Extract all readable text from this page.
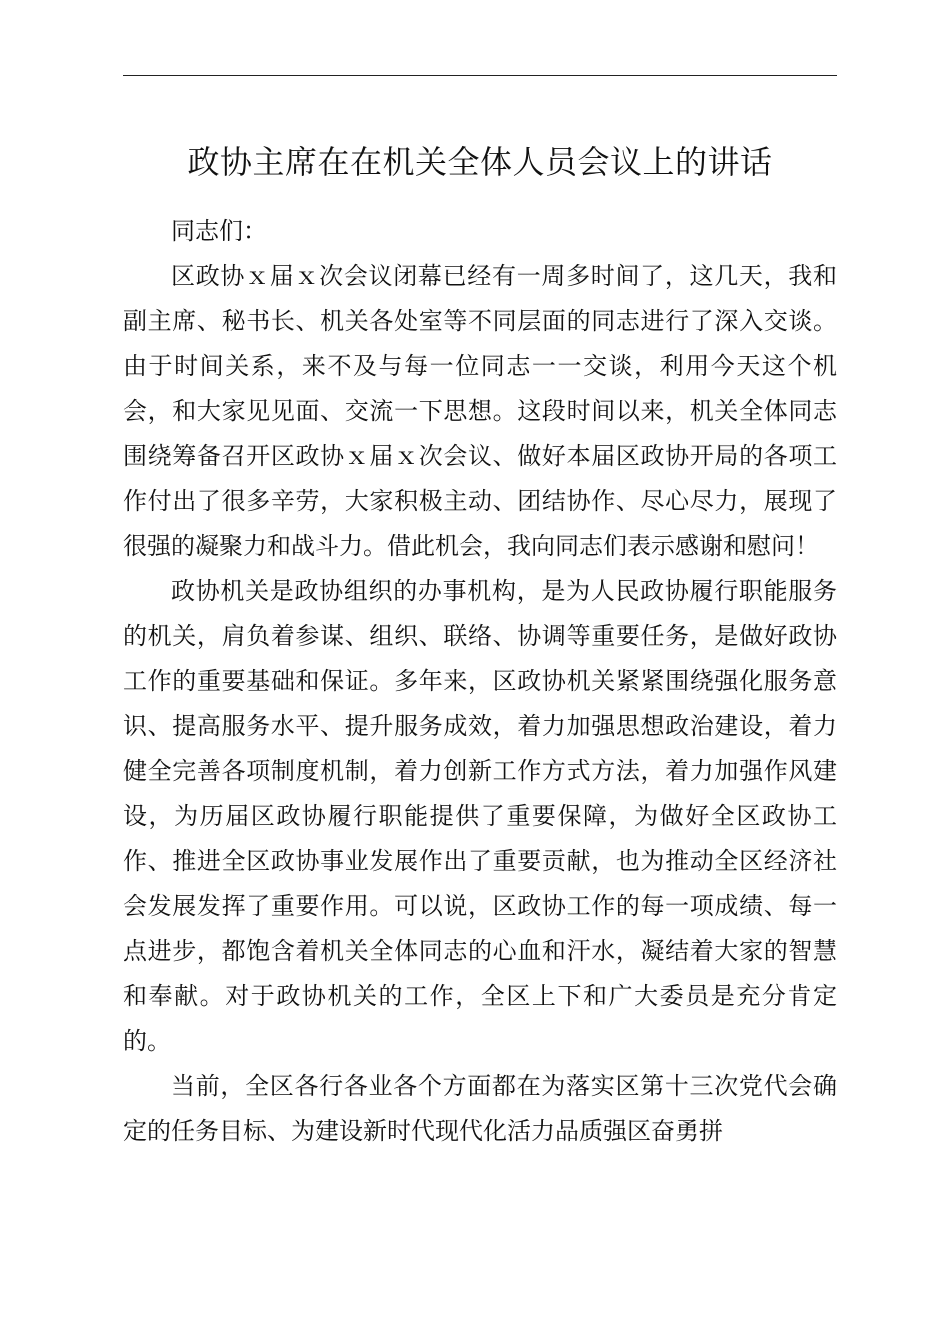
政协主席在在机关全体人员会议上的讲话

同志们：

区政协ｘ届ｘ次会议闭幕已经有一周多时间了，这几天，我和副主席、秘书长、机关各处室等不同层面的同志进行了深入交谈。由于时间关系，来不及与每一位同志一一交谈，利用今天这个机会，和大家见见面、交流一下思想。这段时间以来，机关全体同志围绕筹备召开区政协ｘ届ｘ次会议、做好本届区政协开局的各项工作付出了很多辛劳，大家积极主动、团结协作、尽心尽力，展现了很强的凝聚力和战斗力。借此机会，我向同志们表示感谢和慰问！

政协机关是政协组织的办事机构，是为人民政协履行职能服务的机关，肩负着参谋、组织、联络、协调等重要任务，是做好政协工作的重要基础和保证。多年来，区政协机关紧紧围绕强化服务意识、提高服务水平、提升服务成效，着力加强思想政治建设，着力健全完善各项制度机制，着力创新工作方式方法，着力加强作风建设，为历届区政协履行职能提供了重要保障，为做好全区政协工作、推进全区政协事业发展作出了重要贡献，也为推动全区经济社会发展发挥了重要作用。可以说，区政协工作的每一项成绩、每一点进步，都饱含着机关全体同志的心血和汗水，凝结着大家的智慧和奉献。对于政协机关的工作，全区上下和广大委员是充分肯定的。

当前，全区各行各业各个方面都在为落实区第十三次党代会确定的任务目标、为建设新时代现代化活力品质强区奋勇拼
